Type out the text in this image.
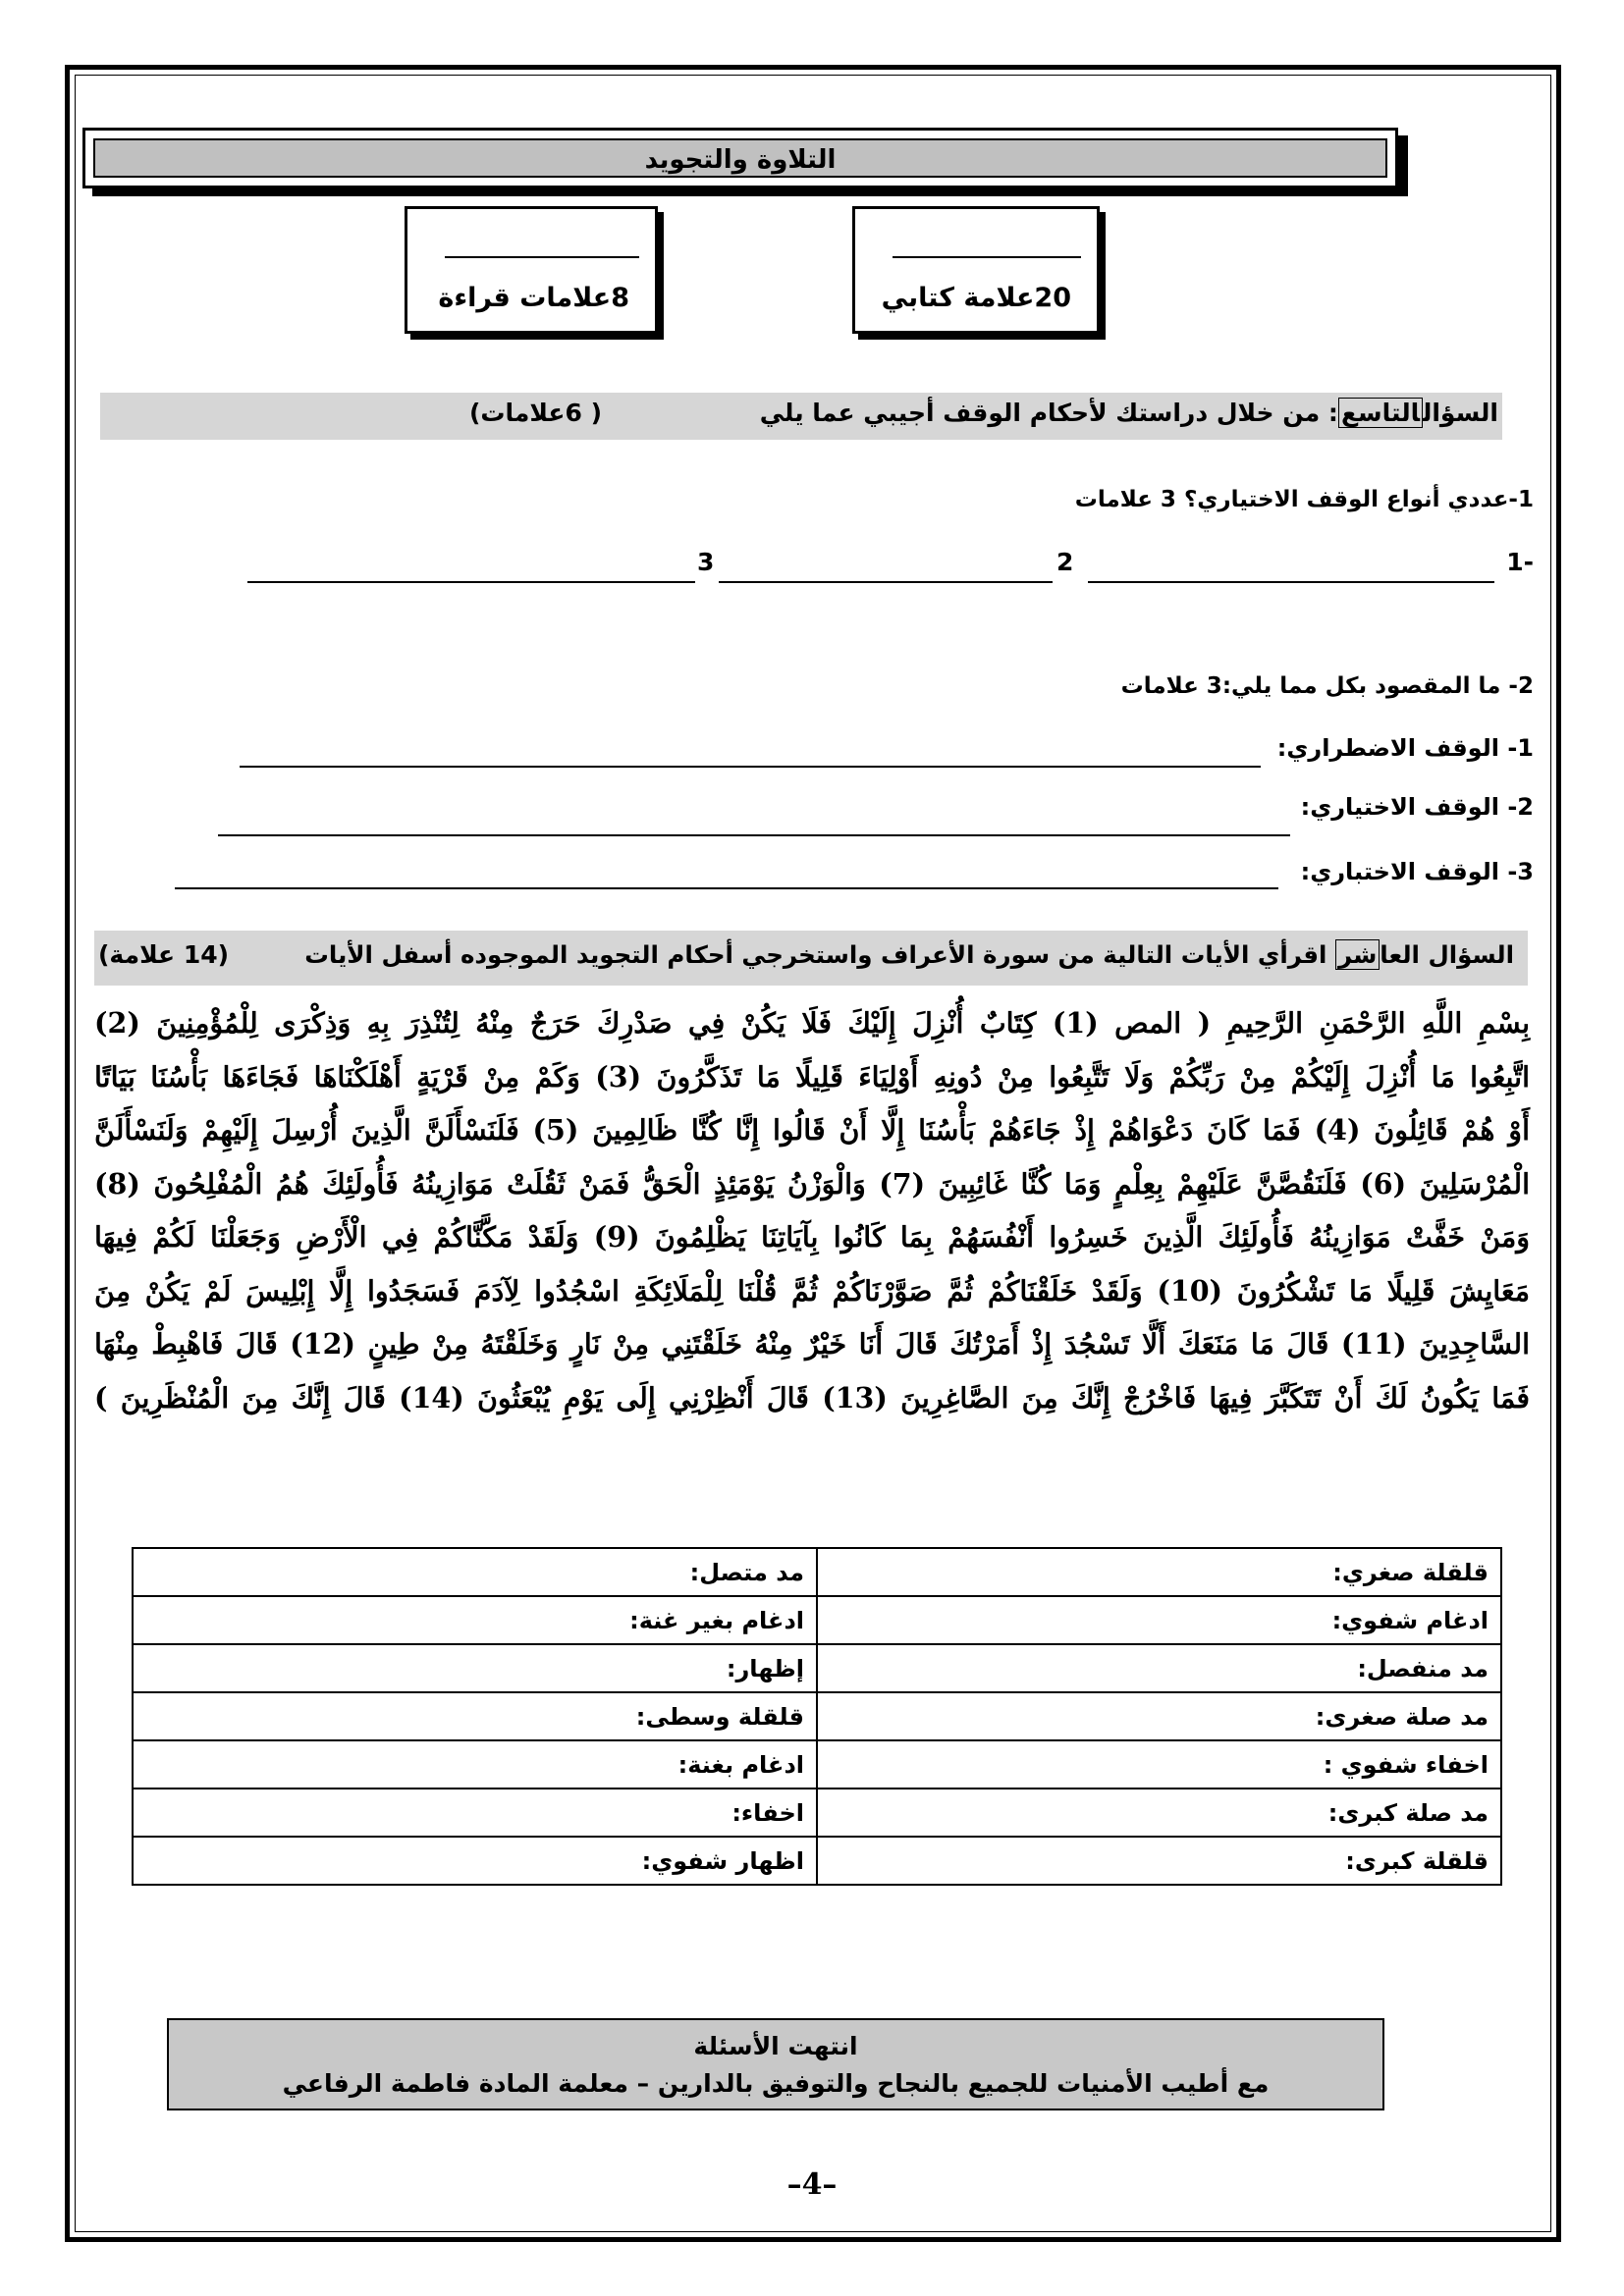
التلاوة والتجويد
8علامات قراءة	20علامة كتابي
السؤالالتاسع: من خلال دراستك لأحكام الوقف أجيبي عما يلي
( 6علامات)
1-عددي أنواع الوقف الاختياري؟ 3 علامات
1-
2
3
2- ما المقصود بكل مما يلي:3 علامات
1- الوقف الاضطراري:
2- الوقف الاختياري:
3- الوقف الاختباري:
السؤال العاشر اقرأي الأيات التالية من سورة الأعراف واستخرجي أحكام التجويد الموجوده أسفل الأيات
(14 علامة)
بِسْمِ اللَّهِ الرَّحْمَنِ الرَّحِيمِ ( المص (1) كِتَابٌ أُنْزِلَ إِلَيْكَ فَلَا يَكُنْ فِي صَدْرِكَ حَرَجٌ مِنْهُ لِتُنْذِرَ بِهِ وَذِكْرَى لِلْمُؤْمِنِينَ (2)
اتَّبِعُوا مَا أُنْزِلَ إِلَيْكُمْ مِنْ رَبِّكُمْ وَلَا تَتَّبِعُوا مِنْ دُونِهِ أَوْلِيَاءَ قَلِيلًا مَا تَذَكَّرُونَ (3) وَكَمْ مِنْ قَرْيَةٍ أَهْلَكْنَاهَا فَجَاءَهَا بَأْسُنَا بَيَاتًا
أَوْ هُمْ قَائِلُونَ (4) فَمَا كَانَ دَعْوَاهُمْ إِذْ جَاءَهُمْ بَأْسُنَا إِلَّا أَنْ قَالُوا إِنَّا كُنَّا ظَالِمِينَ (5) فَلَنَسْأَلَنَّ الَّذِينَ أُرْسِلَ إِلَيْهِمْ وَلَنَسْأَلَنَّ
الْمُرْسَلِينَ (6) فَلَنَقُصَّنَّ عَلَيْهِمْ بِعِلْمٍ وَمَا كُنَّا غَائِبِينَ (7) وَالْوَزْنُ يَوْمَئِذٍ الْحَقُّ فَمَنْ ثَقُلَتْ مَوَازِينُهُ فَأُولَئِكَ هُمُ الْمُفْلِحُونَ (8)
وَمَنْ خَفَّتْ مَوَازِينُهُ فَأُولَئِكَ الَّذِينَ خَسِرُوا أَنْفُسَهُمْ بِمَا كَانُوا بِآيَاتِنَا يَظْلِمُونَ (9) وَلَقَدْ مَكَّنَّاكُمْ فِي الْأَرْضِ وَجَعَلْنَا لَكُمْ فِيهَا
مَعَايِشَ قَلِيلًا مَا تَشْكُرُونَ (10) وَلَقَدْ خَلَقْنَاكُمْ ثُمَّ صَوَّرْنَاكُمْ ثُمَّ قُلْنَا لِلْمَلَائِكَةِ اسْجُدُوا لِآدَمَ فَسَجَدُوا إِلَّا إِبْلِيسَ لَمْ يَكُنْ مِنَ
السَّاجِدِينَ (11) قَالَ مَا مَنَعَكَ أَلَّا تَسْجُدَ إِذْ أَمَرْتُكَ قَالَ أَنَا خَيْرٌ مِنْهُ خَلَقْتَنِي مِنْ نَارٍ وَخَلَقْتَهُ مِنْ طِينٍ (12) قَالَ فَاهْبِطْ مِنْهَا
فَمَا يَكُونُ لَكَ أَنْ تَتَكَبَّرَ فِيهَا فَاخْرُجْ إِنَّكَ مِنَ الصَّاغِرِينَ (13) قَالَ أَنْظِرْنِي إِلَى يَوْمِ يُبْعَثُونَ (14) قَالَ إِنَّكَ مِنَ الْمُنْظَرِينَ )
قلقلة صغري:	مد متصل:
ادغام شفوي:	ادغام بغير غنة:
مد منفصل:	إظهار:
مد صلة صغرى:	قلقلة وسطى:
اخفاء شفوي :	ادغام بغنة:
مد صلة كبرى:	اخفاء:
قلقلة كبرى:	اظهار شفوي:
انتهت الأسئلة
مع أطيب الأمنيات للجميع بالنجاح والتوفيق بالدارين – معلمة المادة فاطمة الرفاعي
–4–
